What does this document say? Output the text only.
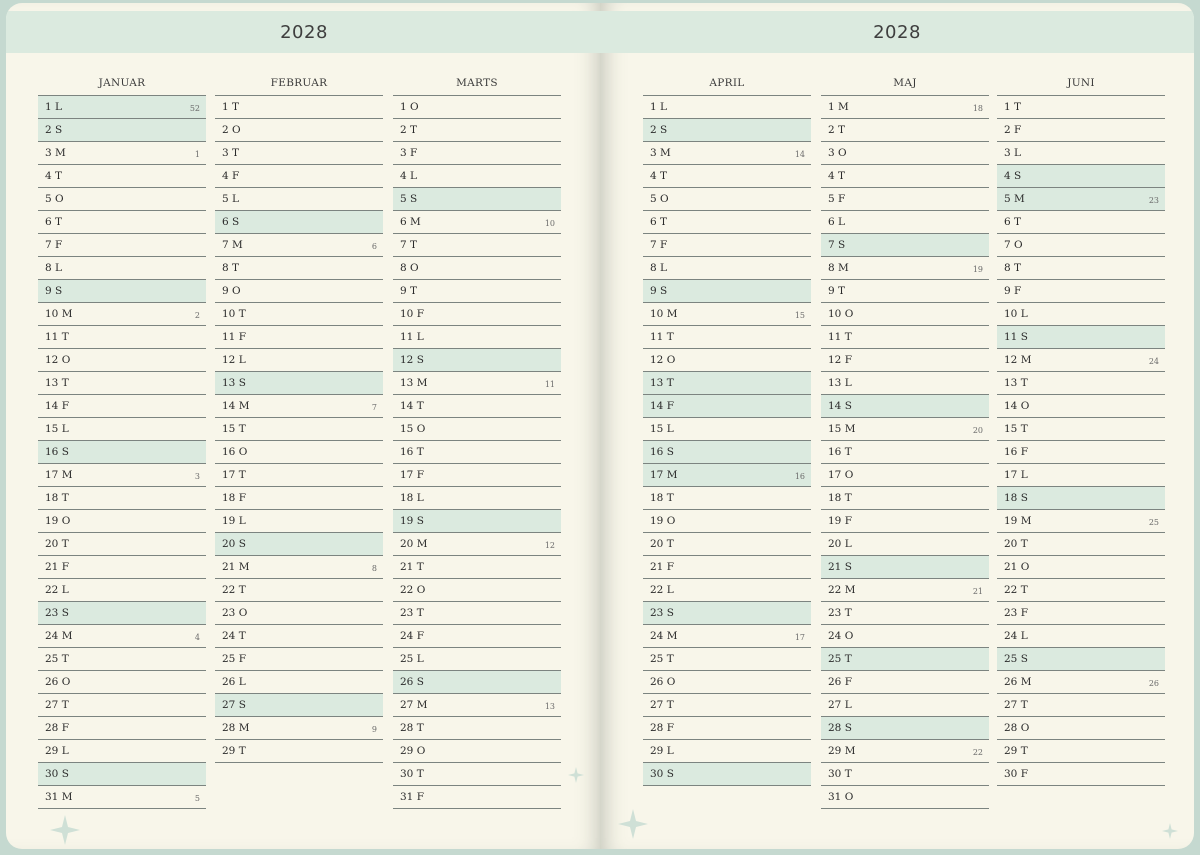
2028
JANUAR
1 L	52
2 S
3 M	1
4 T
5 O
6 T
7 F
8 L
9 S
10 M	2
11 T
12 O
13 T
14 F
15 L
16 S
17 M	3
18 T
19 O
20 T
21 F
22 L
23 S
24 M	4
25 T
26 O
27 T
28 F
29 L
30 S
31 M	5
FEBRUAR
1 T
2 O
3 T
4 F
5 L
6 S
7 M	6
8 T
9 O
10 T
11 F
12 L
13 S
14 M	7
15 T
16 O
17 T
18 F
19 L
20 S
21 M	8
22 T
23 O
24 T
25 F
26 L
27 S
28 M	9
29 T
MARTS
1 O
2 T
3 F
4 L
5 S
6 M	10
7 T
8 O
9 T
10 F
11 L
12 S
13 M	11
14 T
15 O
16 T
17 F
18 L
19 S
20 M	12
21 T
22 O
23 T
24 F
25 L
26 S
27 M	13
28 T
29 O
30 T
31 F
2028
APRIL
1 L
2 S
3 M	14
4 T
5 O
6 T
7 F
8 L
9 S
10 M	15
11 T
12 O
13 T
14 F
15 L
16 S
17 M	16
18 T
19 O
20 T
21 F
22 L
23 S
24 M	17
25 T
26 O
27 T
28 F
29 L
30 S
MAJ
1 M	18
2 T
3 O
4 T
5 F
6 L
7 S
8 M	19
9 T
10 O
11 T
12 F
13 L
14 S
15 M	20
16 T
17 O
18 T
19 F
20 L
21 S
22 M	21
23 T
24 O
25 T
26 F
27 L
28 S
29 M	22
30 T
31 O
JUNI
1 T
2 F
3 L
4 S
5 M	23
6 T
7 O
8 T
9 F
10 L
11 S
12 M	24
13 T
14 O
15 T
16 F
17 L
18 S
19 M	25
20 T
21 O
22 T
23 F
24 L
25 S
26 M	26
27 T
28 O
29 T
30 F
